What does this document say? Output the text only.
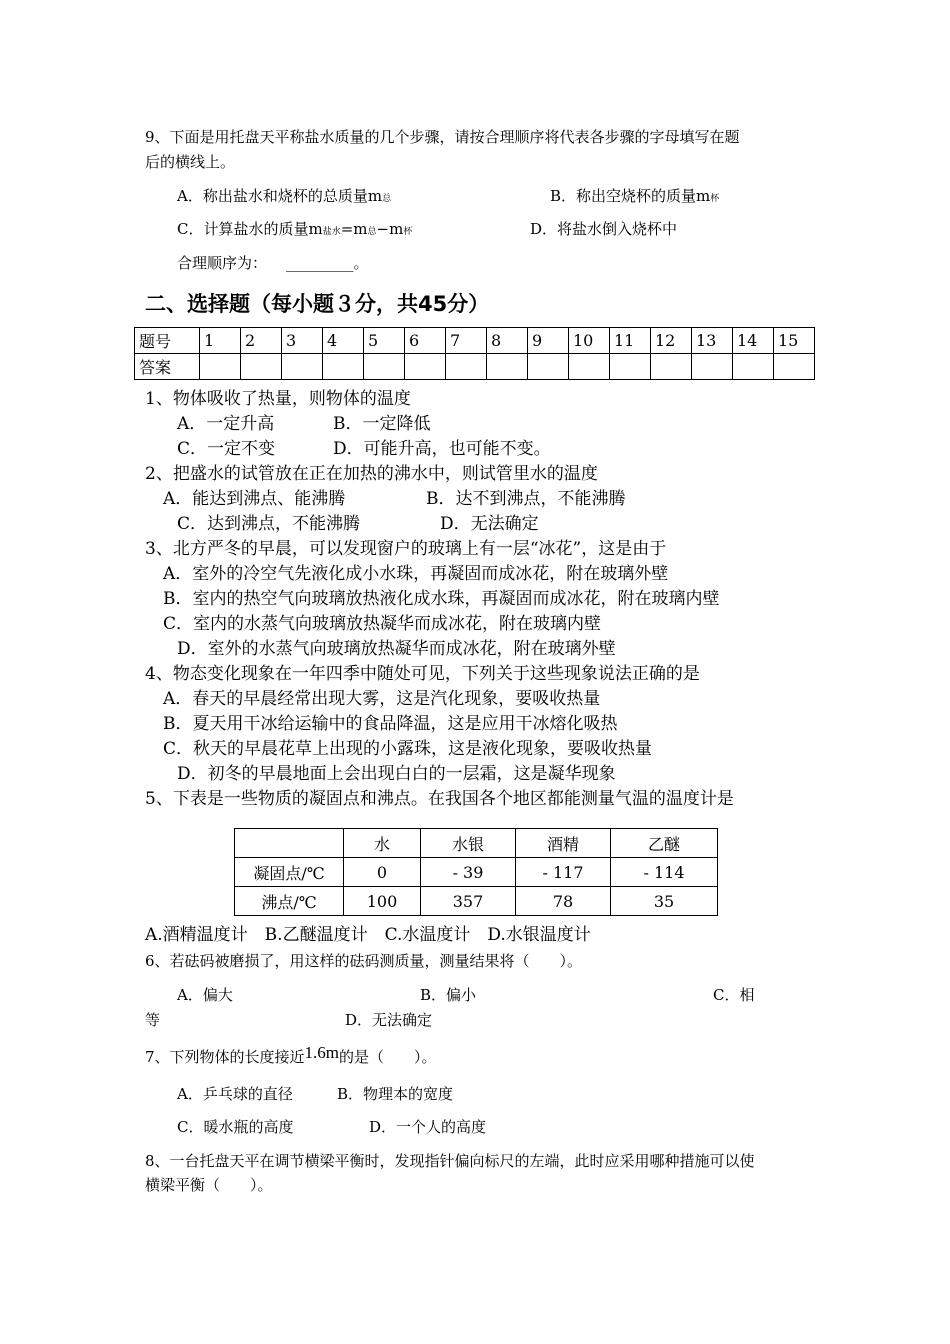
9、下面是用托盘天平称盐水质量的几个步骤，请按合理顺序将代表各步骤的字母填写在题
后的横线上。
A．称出盐水和烧杯的总质量m总	B．称出空烧杯的质量m杯
C．计算盐水的质量m盐水=m总−m杯	D．将盐水倒入烧杯中
合理顺序为： _________。
二、选择题（每小题３分，共45分）
题号	1	2	3	4	5	6	7	8	9	10	11	12	13	14	15
答案															
1、物体吸收了热量，则物体的温度
A．一定升高	B．一定降低
C．一定不变	D．可能升高，也可能不变。
2、把盛水的试管放在正在加热的沸水中，则试管里水的温度
A．能达到沸点、能沸腾	B．达不到沸点，不能沸腾
C．达到沸点，不能沸腾	D．无法确定
3、北方严冬的早晨，可以发现窗户的玻璃上有一层“冰花”，这是由于
A．室外的冷空气先液化成小水珠，再凝固而成冰花，附在玻璃外壁
B．室内的热空气向玻璃放热液化成水珠，再凝固而成冰花，附在玻璃内壁
C．室内的水蒸气向玻璃放热凝华而成冰花，附在玻璃内壁
D．室外的水蒸气向玻璃放热凝华而成冰花，附在玻璃外壁
4、物态变化现象在一年四季中随处可见，下列关于这些现象说法正确的是
A．春天的早晨经常出现大雾，这是汽化现象，要吸收热量
B．夏天用干冰给运输中的食品降温，这是应用干冰熔化吸热
C．秋天的早晨花草上出现的小露珠，这是液化现象，要吸收热量
D．初冬的早晨地面上会出现白白的一层霜，这是凝华现象
5、下表是一些物质的凝固点和沸点。在我国各个地区都能测量气温的温度计是
	水	水银	酒精	乙醚
凝固点/℃	0	- 39	- 117	- 114
沸点/℃	100	357	78	35
A.酒精温度计　B.乙醚温度计　C.水温度计　D.水银温度计
6、若砝码被磨损了，用这样的砝码测质量，测量结果将（　　）。
A．偏大	B．偏小	C．相
等	D．无法确定
7、下列物体的长度接近1.6m的是（　　）。
A．乒乓球的直径	B．物理本的宽度
C．暖水瓶的高度	D．一个人的高度
8、一台托盘天平在调节横梁平衡时，发现指针偏向标尺的左端，此时应采用哪种措施可以使
横梁平衡（　　）。
